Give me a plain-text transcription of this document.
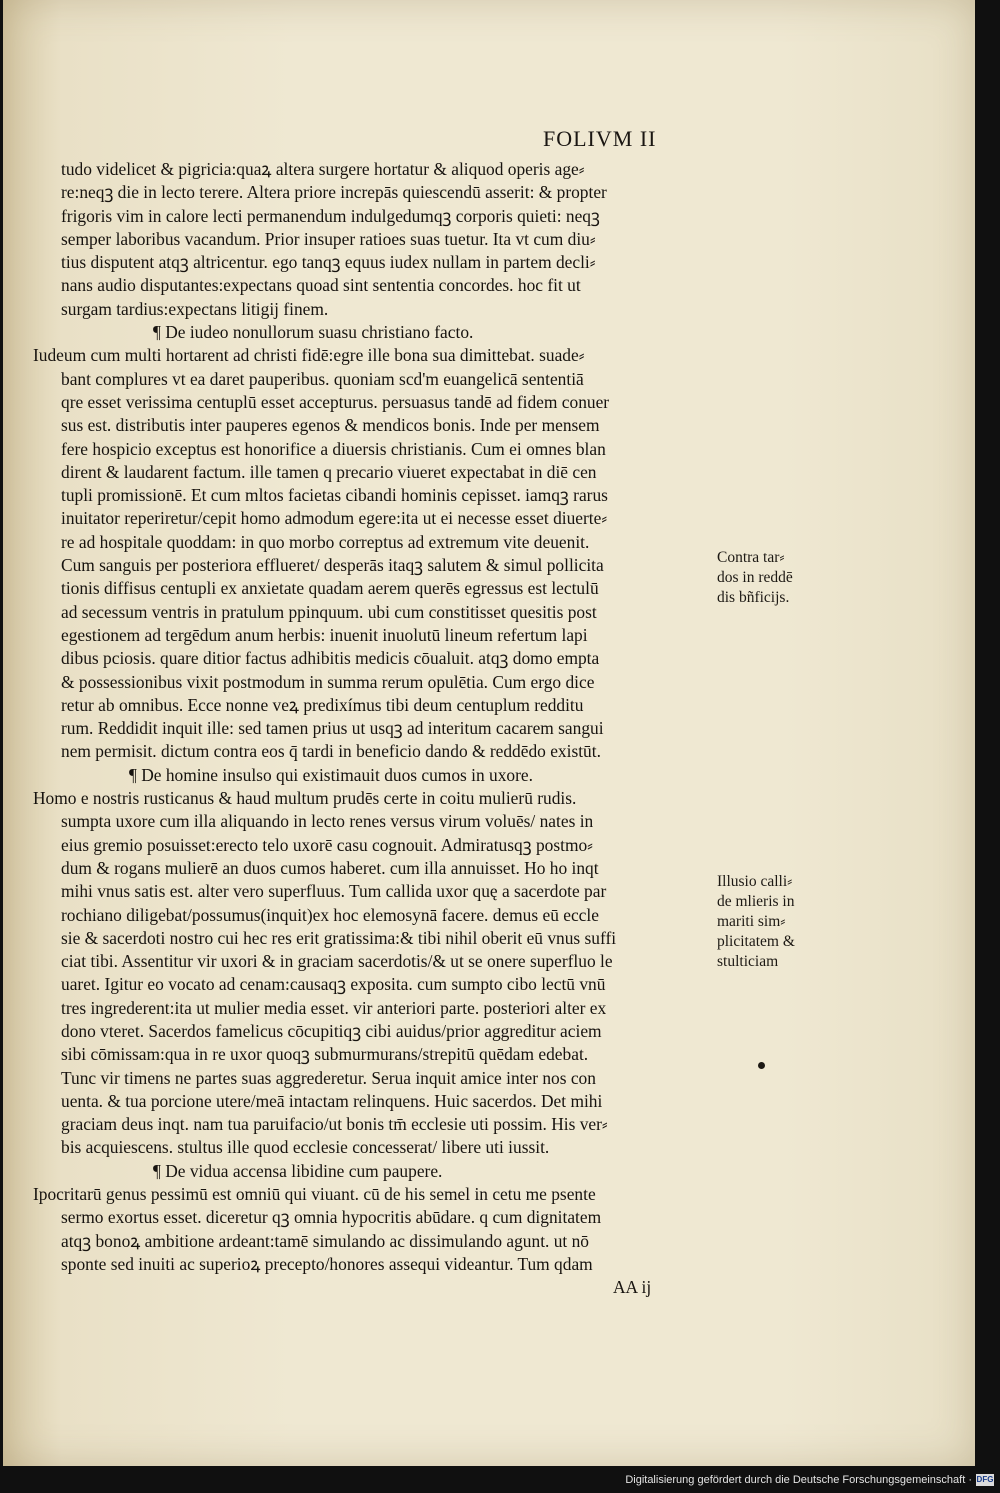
FOLIVM II
tudo videlicet & pigricia:quaꝝ altera surgere hortatur & aliquod operis age⸗
re:neqꝫ die in lecto terere. Altera priore increpās quiescendū asserit: & propter
frigoris vim in calore lecti permanendum indulgedumqꝫ corporis quieti: neqꝫ
semper laboribus vacandum. Prior insuper ratioes suas tuetur. Ita vt cum diu⸗
tius disputent atqꝫ altricentur. ego tanqꝫ equus iudex nullam in partem decli⸗
nans audio disputantes:expectans quoad sint sententia concordes. hoc fit ut
surgam tardius:expectans litigij finem.
¶ De iudeo nonullorum suasu christiano facto.
Iudeum cum multi hortarent ad christi fidē:egre ille bona sua dimittebat. suade⸗
bant complures vt ea daret pauperibus. quoniam scd'm euangelicā sententiā
qre esset verissima centuplū esset accepturus. persuasus tandē ad fidem conuer
sus est. distributis inter pauperes egenos & mendicos bonis. Inde per mensem
fere hospicio exceptus est honorifice a diuersis christianis. Cum ei omnes blan
dirent & laudarent factum. ille tamen q precario viueret expectabat in diē cen
tupli promissionē. Et cum mltos facietas cibandi hominis cepisset. iamqꝫ rarus
inuitator reperiretur/cepit homo admodum egere:ita ut ei necesse esset diuerte⸗
re ad hospitale quoddam: in quo morbo correptus ad extremum vite deuenit.
Cum sanguis per posteriora efflueret/ desperās itaqꝫ salutem & simul pollicita
tionis diffisus centupli ex anxietate quadam aerem querēs egressus est lectulū
ad secessum ventris in pratulum ppinquum. ubi cum constitisset quesitis post
egestionem ad tergēdum anum herbis: inuenit inuolutū lineum refertum lapi
dibus pciosis. quare ditior factus adhibitis medicis cōualuit. atqꝫ domo empta
& possessionibus vixit postmodum in summa rerum opulētia. Cum ergo dice
retur ab omnibus. Ecce nonne veꝝ predixímus tibi deum centuplum redditu
rum. Reddidit inquit ille: sed tamen prius ut usqꝫ ad interitum cacarem sangui
nem permisit. dictum contra eos q̄ tardi in beneficio dando & reddēdo existūt.
¶ De homine insulso qui existimauit duos cumos in uxore.
Homo e nostris rusticanus & haud multum prudēs certe in coitu mulierū rudis.
sumpta uxore cum illa aliquando in lecto renes versus virum voluēs/ nates in
eius gremio posuisset:erecto telo uxorē casu cognouit. Admiratusqꝫ postmo⸗
dum & rogans mulierē an duos cumos haberet. cum illa annuisset. Ho ho inqt
mihi vnus satis est. alter vero superfluus. Tum callida uxor quę a sacerdote par
rochiano diligebat/possumus(inquit)ex hoc elemosynā facere. demus eū eccle
sie & sacerdoti nostro cui hec res erit gratissima:& tibi nihil oberit eū vnus suffi
ciat tibi. Assentitur vir uxori & in graciam sacerdotis/& ut se onere superfluo le
uaret. Igitur eo vocato ad cenam:causaqꝫ exposita. cum sumpto cibo lectū vnū
tres ingrederent:ita ut mulier media esset. vir anteriori parte. posteriori alter ex
dono vteret. Sacerdos famelicus cōcupitiqꝫ cibi auidus/prior aggreditur aciem
sibi cōmissam:qua in re uxor quoqꝫ submurmurans/strepitū quēdam edebat.
Tunc vir timens ne partes suas aggrederetur. Serua inquit amice inter nos con
uenta. & tua porcione utere/meā intactam relinquens. Huic sacerdos. Det mihi
graciam deus inqt. nam tua paruifacio/ut bonis tm̄ ecclesie uti possim. His ver⸗
bis acquiescens. stultus ille quod ecclesie concesserat/ libere uti iussit.
¶ De vidua accensa libidine cum paupere.
Ipocritarū genus pessimū est omniū qui viuant. cū de his semel in cetu me psente
sermo exortus esset. diceretur qꝫ omnia hypocritis abūdare. q cum dignitatem
atqꝫ bonoꝝ ambitione ardeant:tamē simulando ac dissimulando agunt. ut nō
sponte sed inuiti ac superioꝝ precepto/honores assequi videantur. Tum qdam
AA ij
Contra tar⸗
dos in reddē
dis bñficijs.
Illusio calli⸗
de mlieris in
mariti sim⸗
plicitatem &
stulticiam
Digitalisierung gefördert durch die Deutsche Forschungsgemeinschaft · DFG
